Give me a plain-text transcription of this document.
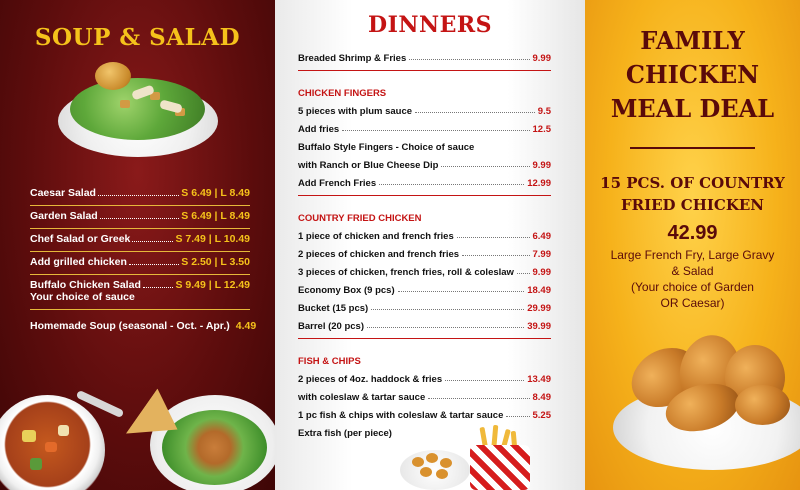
SOUP & SALAD
Caesar Salad	S 6.49 | L 8.49
Garden Salad	S 6.49 | L 8.49
Chef Salad or Greek	S 7.49 | L 10.49
Add grilled chicken	S 2.50 | L 3.50
Buffalo Chicken Salad	S 9.49 | L 12.49
Your choice of sauce
Homemade Soup (seasonal - Oct. - Apr.) 4.49
DINNERS
Breaded Shrimp & Fries	9.99
CHICKEN FINGERS
5 pieces with plum sauce	9.5
Add fries	12.5
Buffalo Style Fingers - Choice of sauce
with Ranch or Blue Cheese Dip	9.99
Add French Fries	12.99
COUNTRY FRIED CHICKEN
1 piece of chicken and french fries	6.49
2 pieces of chicken and french fries	7.99
3 pieces of chicken, french fries, roll & coleslaw 9.99
Economy Box (9 pcs)	18.49
Bucket (15 pcs)	29.99
Barrel (20 pcs)	39.99
FISH & CHIPS
2 pieces of 4oz. haddock & fries	13.49
with coleslaw & tartar sauce	8.49
1 pc fish & chips with coleslaw & tartar sauce	5.25
Extra fish (per piece)
FAMILY
CHICKEN
MEAL DEAL
15 PCS. OF COUNTRY
FRIED CHICKEN
42.99
Large French Fry, Large Gravy
& Salad
(Your choice of Garden
OR Caesar)
